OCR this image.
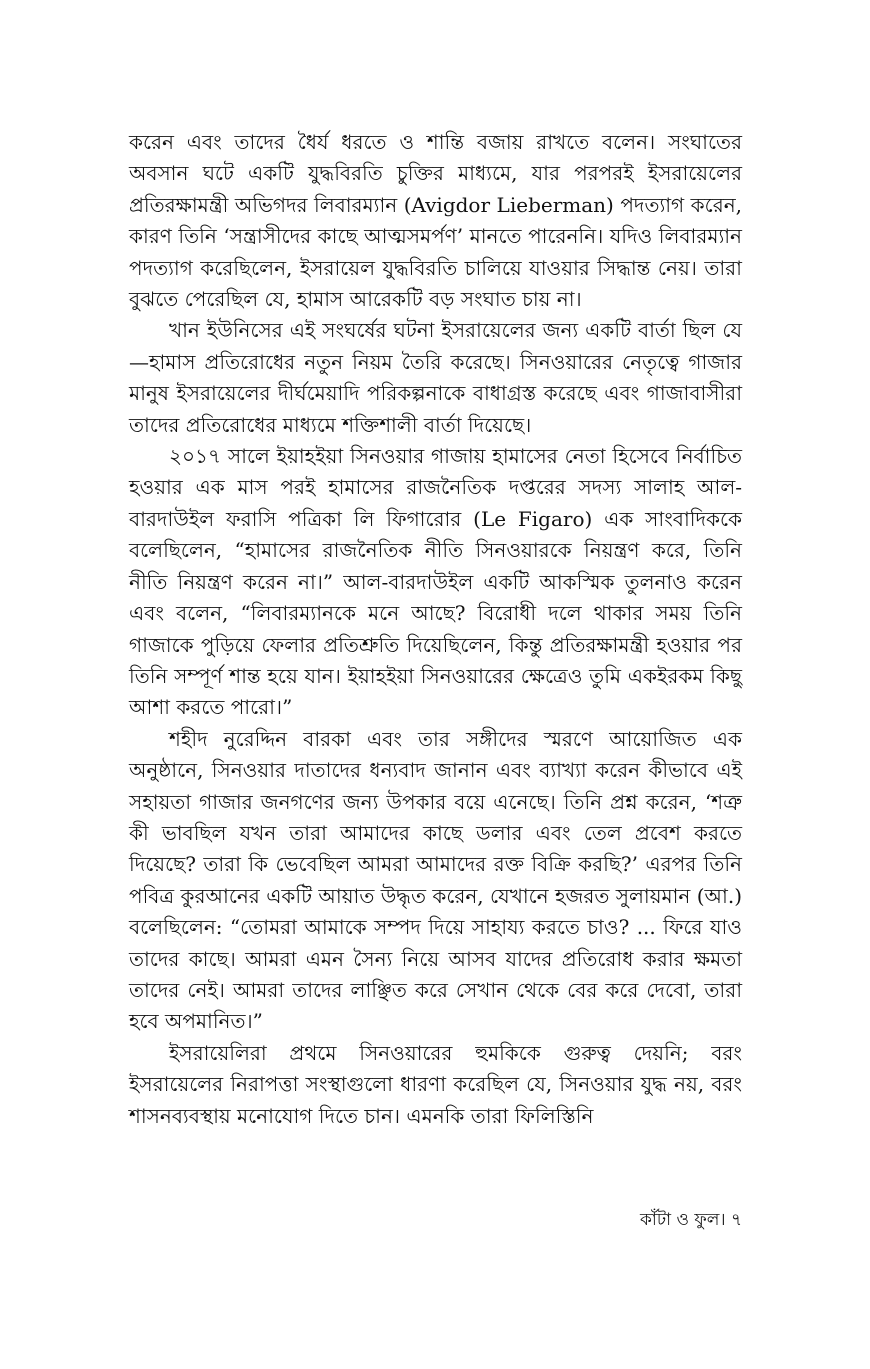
করেন এবং তাদের ধৈর্য ধরতে ও শান্তি বজায় রাখতে বলেন। সংঘাতের অবসান ঘটে একটি যুদ্ধবিরতি চুক্তির মাধ্যমে, যার পরপরই ইসরায়েলের প্রতিরক্ষামন্ত্রী অভিগদর লিবারম্যান (Avigdor Lieberman) পদত্যাগ করেন, কারণ তিনি ‘সন্ত্রাসীদের কাছে আত্মসমর্পণ’ মানতে পারেননি। যদিও লিবারম্যান পদত্যাগ করেছিলেন, ইসরায়েল যুদ্ধবিরতি চালিয়ে যাওয়ার সিদ্ধান্ত নেয়। তারা বুঝতে পেরেছিল যে, হামাস আরেকটি বড় সংঘাত চায় না।

খান ইউনিসের এই সংঘর্ষের ঘটনা ইসরায়েলের জন্য একটি বার্তা ছিল যে—হামাস প্রতিরোধের নতুন নিয়ম তৈরি করেছে। সিনওয়ারের নেতৃত্বে গাজার মানুষ ইসরায়েলের দীর্ঘমেয়াদি পরিকল্পনাকে বাধাগ্রস্ত করেছে এবং গাজাবাসীরা তাদের প্রতিরোধের মাধ্যমে শক্তিশালী বার্তা দিয়েছে।

২০১৭ সালে ইয়াহইয়া সিনওয়ার গাজায় হামাসের নেতা হিসেবে নির্বাচিত হওয়ার এক মাস পরই হামাসের রাজনৈতিক দপ্তরের সদস্য সালাহ আল-বারদাউইল ফরাসি পত্রিকা লি ফিগারোর (Le Figaro) এক সাংবাদিককে বলেছিলেন, “হামাসের রাজনৈতিক নীতি সিনওয়ারকে নিয়ন্ত্রণ করে, তিনি নীতি নিয়ন্ত্রণ করেন না।” আল-বারদাউইল একটি আকস্মিক তুলনাও করেন এবং বলেন, “লিবারম্যানকে মনে আছে? বিরোধী দলে থাকার সময় তিনি গাজাকে পুড়িয়ে ফেলার প্রতিশ্রুতি দিয়েছিলেন, কিন্তু প্রতিরক্ষামন্ত্রী হওয়ার পর তিনি সম্পূর্ণ শান্ত হয়ে যান। ইয়াহইয়া সিনওয়ারের ক্ষেত্রেও তুমি একইরকম কিছু আশা করতে পারো।”

শহীদ নুরেদ্দিন বারকা এবং তার সঙ্গীদের স্মরণে আয়োজিত এক অনুষ্ঠানে, সিনওয়ার দাতাদের ধন্যবাদ জানান এবং ব্যাখ্যা করেন কীভাবে এই সহায়তা গাজার জনগণের জন্য উপকার বয়ে এনেছে। তিনি প্রশ্ন করেন, ‘শত্রু কী ভাবছিল যখন তারা আমাদের কাছে ডলার এবং তেল প্রবেশ করতে দিয়েছে? তারা কি ভেবেছিল আমরা আমাদের রক্ত বিক্রি করছি?’ এরপর তিনি পবিত্র কুরআনের একটি আয়াত উদ্ধৃত করেন, যেখানে হজরত সুলায়মান (আ.) বলেছিলেন: “তোমরা আমাকে সম্পদ দিয়ে সাহায্য করতে চাও? ... ফিরে যাও তাদের কাছে। আমরা এমন সৈন্য নিয়ে আসব যাদের প্রতিরোধ করার ক্ষমতা তাদের নেই। আমরা তাদের লাঞ্ছিত করে সেখান থেকে বের করে দেবো, তারা হবে অপমানিত।”

ইসরায়েলিরা প্রথমে সিনওয়ারের হুমকিকে গুরুত্ব দেয়নি; বরং ইসরায়েলের নিরাপত্তা সংস্থাগুলো ধারণা করেছিল যে, সিনওয়ার যুদ্ধ নয়, বরং শাসনব্যবস্থায় মনোযোগ দিতে চান। এমনকি তারা ফিলিস্তিনি

কাঁটা ও ফুল। ৭
